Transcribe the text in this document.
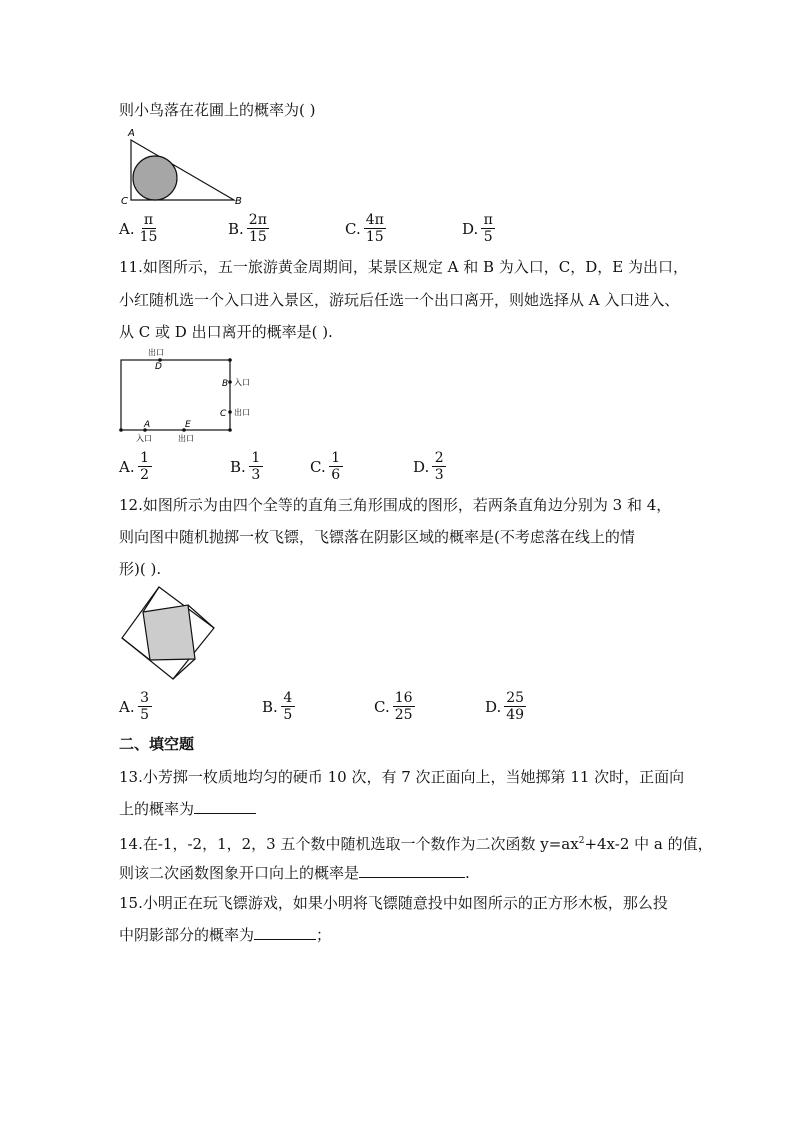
则小鸟落在花圃上的概率为( )
A
C	B
A. $\frac{\pi}{15}$	B. $\frac{2\pi}{15}$	C. $\frac{4\pi}{15}$	D. $\frac{\pi}{5}$
11.如图所示，五一旅游黄金周期间，某景区规定 A 和 B 为入口，C，D，E 为出口，
小红随机选一个入口进入景区，游玩后任选一个出口离开，则她选择从 A 入口进入、
从 C 或 D 出口离开的概率是( ).
出口
D
B 入口
C 出口
A
入口
E
出口
A. $\frac{1}{2}$	B. $\frac{1}{3}$	C. $\frac{1}{6}$	D. $\frac{2}{3}$
12.如图所示为由四个全等的直角三角形围成的图形，若两条直角边分别为 3 和 4，
则向图中随机抛掷一枚飞镖，飞镖落在阴影区域的概率是(不考虑落在线上的情
形)( ).
A. $\frac{3}{5}$	B. $\frac{4}{5}$	C. $\frac{16}{25}$	D. $\frac{25}{49}$
二、填空题
13.小芳掷一枚质地均匀的硬币 10 次，有 7 次正面向上，当她掷第 11 次时，正面向
上的概率为
14.在-1，-2，1，2，3 五个数中随机选取一个数作为二次函数 $y=ax^2+4x-2$ 中 a 的值，
则该二次函数图象开口向上的概率是	.
15.小明正在玩飞镖游戏，如果小明将飞镖随意投中如图所示的正方形木板，那么投
中阴影部分的概率为	；
